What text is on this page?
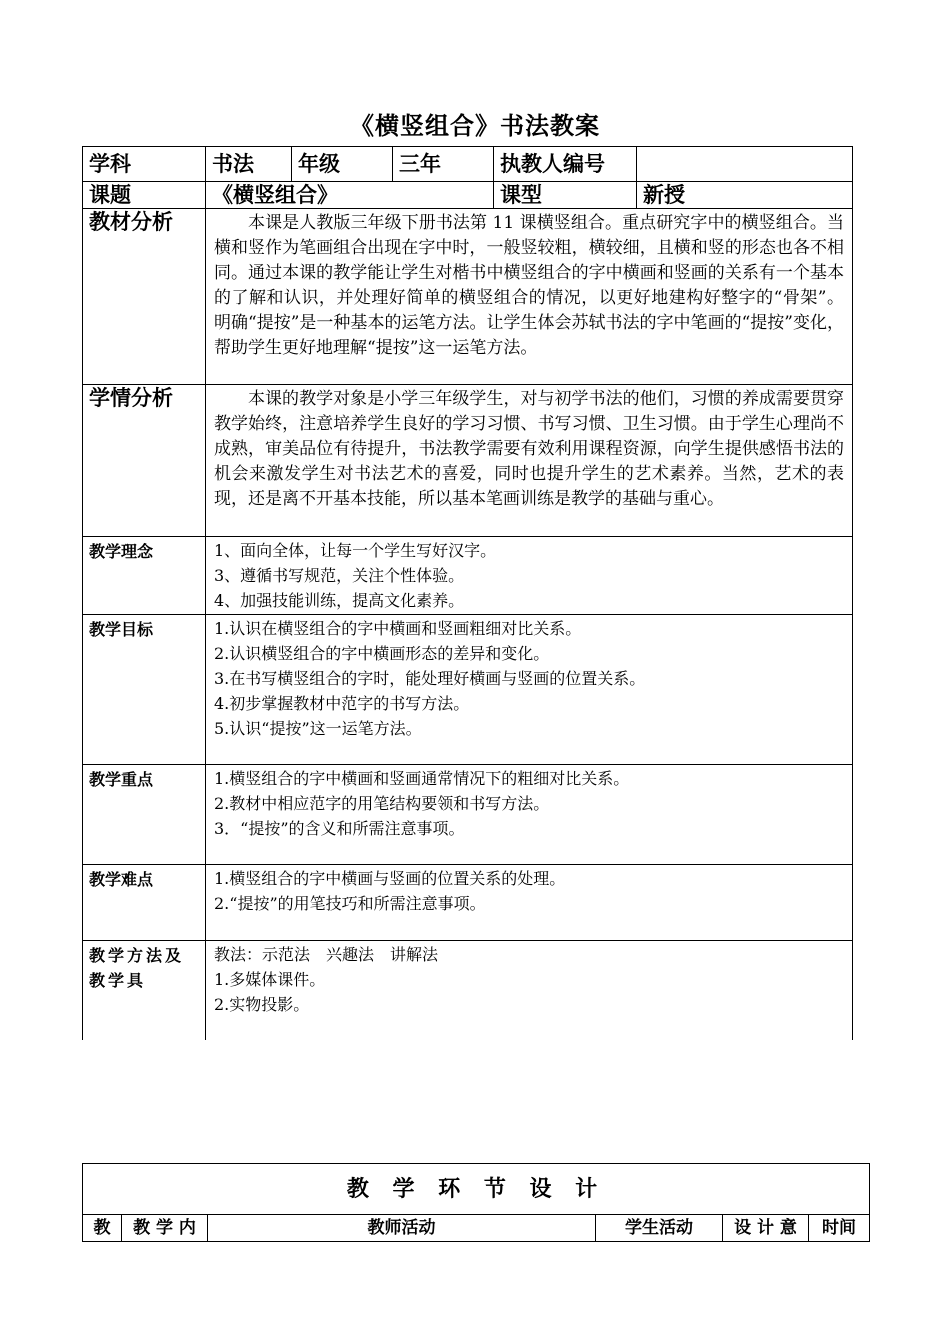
《横竖组合》书法教案
学科	书法	年级	三年	执教人编号	
课题	《横竖组合》			课型	新授
教材分析	本课是人教版三年级下册书法第 11 课横竖组合。重点研究字中的横竖组合。当横和竖作为笔画组合出现在字中时，一般竖较粗，横较细，且横和竖的形态也各不相同。通过本课的教学能让学生对楷书中横竖组合的字中横画和竖画的关系有一个基本的了解和认识，并处理好简单的横竖组合的情况，以更好地建构好整字的“骨架”。 明确“提按”是一种基本的运笔方法。让学生体会苏轼书法的字中笔画的“提按”变化，帮助学生更好地理解“提按”这一运笔方法。				

学情分析	本课的教学对象是小学三年级学生，对与初学书法的他们，习惯的养成需要贯穿教学始终，注意培养学生良好的学习习惯、书写习惯、卫生习惯。由于学生心理尚不成熟，审美品位有待提升，书法教学需要有效利用课程资源，向学生提供感悟书法的机会来激发学生对书法艺术的喜爱，同时也提升学生的艺术素养。当然，艺术的表现，还是离不开基本技能，所以基本笔画训练是教学的基础与重心。				

教学理念	1、面向全体，让每一个学生写好汉字。
3、遵循书写规范，关注个性体验。
4、加强技能训练，提高文化素养。				

教学目标	1.认识在横竖组合的字中横画和竖画粗细对比关系。
2.认识横竖组合的字中横画形态的差异和变化。
3.在书写横竖组合的字时，能处理好横画与竖画的位置关系。
4.初步掌握教材中范字的书写方法。
5.认识“提按”这一运笔方法。				

教学重点	1.横竖组合的字中横画和竖画通常情况下的粗细对比关系。
2.教材中相应范字的用笔结构要领和书写方法。
3．“提按”的含义和所需注意事项。				

教学难点	1.横竖组合的字中横画与竖画的位置关系的处理。
2.“提按”的用笔技巧和所需注意事项。				

教学方法及教学具	教法：示范法　兴趣法　讲解法
1.多媒体课件。
2.实物投影。				
教 学 环 节 设 计
教	教 学 内	教师活动	学生活动	设 计 意	时间
